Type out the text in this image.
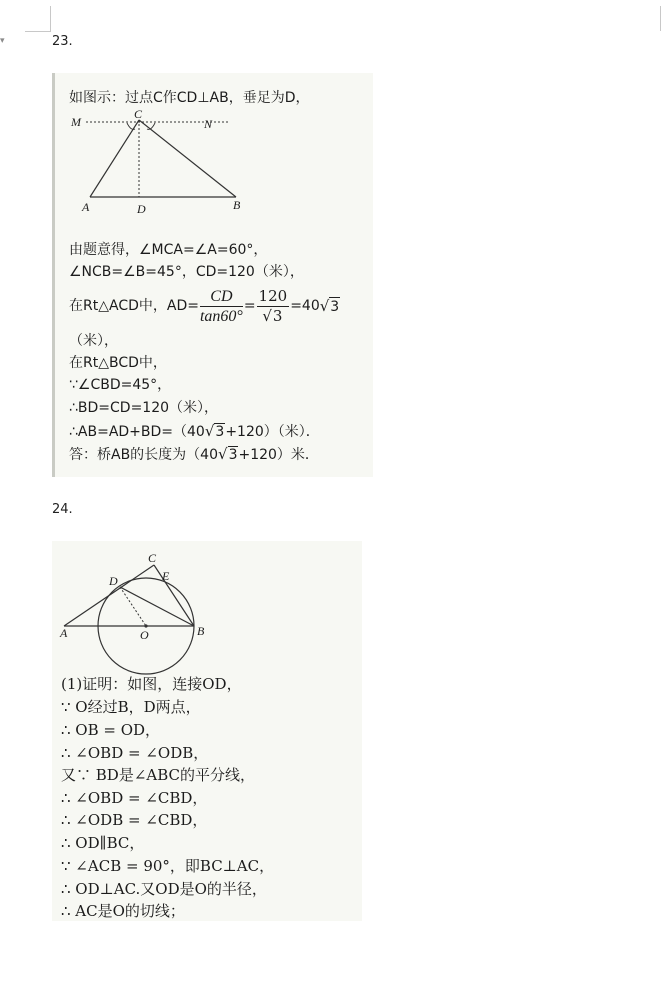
▾	23.
如图示：过点C作CD⊥AB，垂足为D，
M
C
N
A	D	B
由题意得，∠MCA=∠A=60°，
∠NCB=∠B=45°，CD=120（米），
在Rt△ACD中，$AD= \frac{CD}{\tan 60^\circ} = \frac{120}{√3} =40$ √ 3
（米），
在Rt△BCD中，
∵∠CBD=45°，
∴BD=CD=120（米），
∴AB=AD+BD=（40√3+120）（米）．
答：桥AB的长度为（40√3+120）米．
24.
C
D	E
A	O	B
(1)证明：如图，连接OD，
∵ O经过B，D两点，
∴ OB = OD，
∴ ∠OBD = ∠ODB，
又∵ BD是∠ABC的平分线，
∴ ∠OBD = ∠CBD，
∴ ∠ODB = ∠CBD，
∴ OD∥BC，
∵ ∠ACB = 90°，即BC⊥AC，
∴ OD⊥AC.又OD是O的半径，
∴ AC是O的切线；
